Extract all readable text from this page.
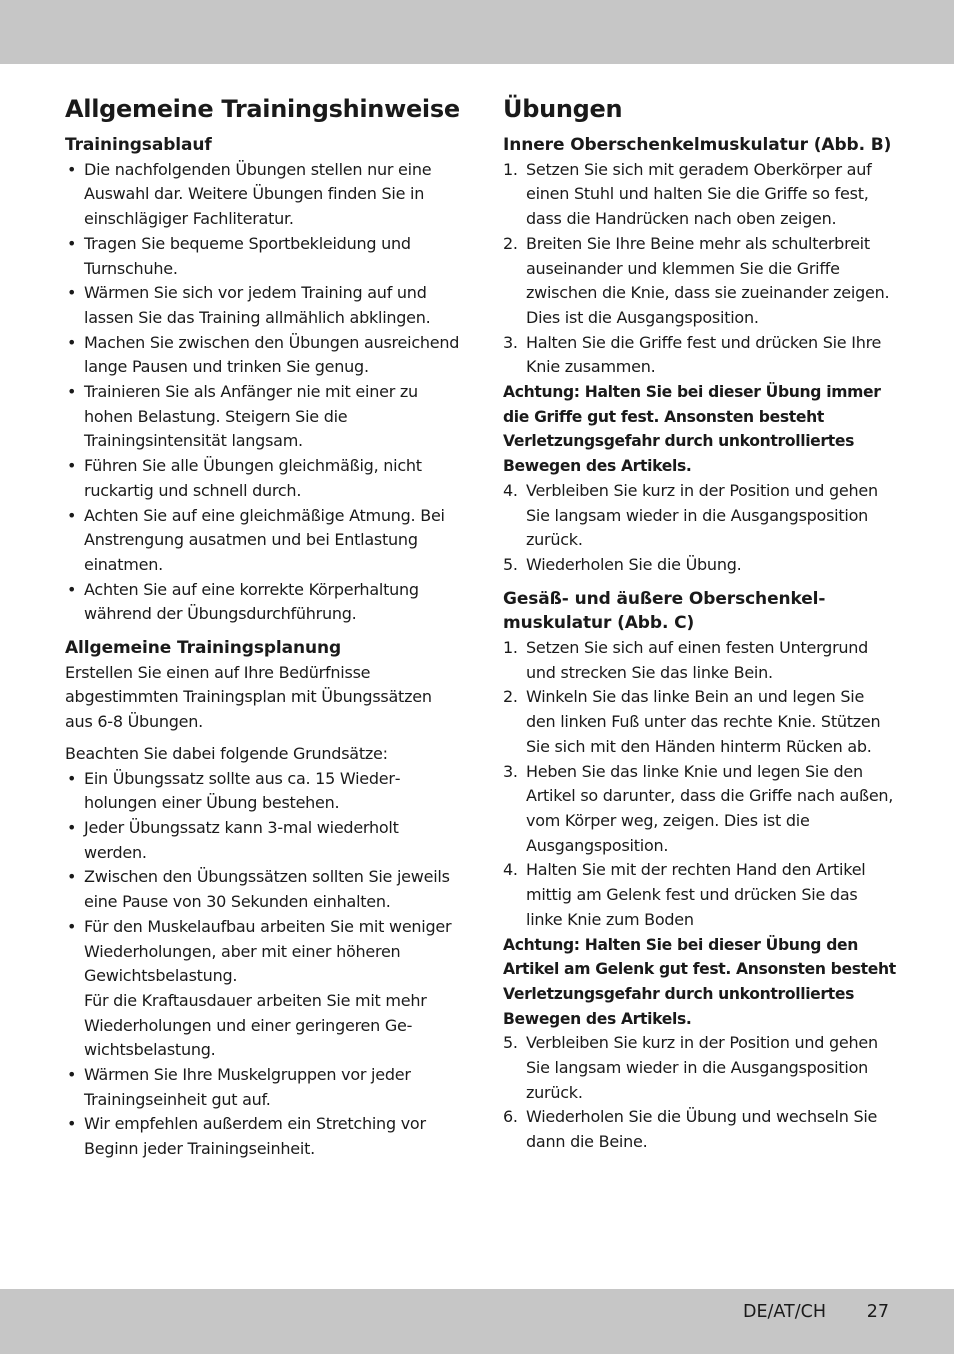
Allgemeine Trainingshinweise
Trainingsablauf
• Die nachfolgenden Übungen stellen nur eine Auswahl dar. Weitere Übungen finden Sie in einschlägiger Fachliteratur.
• Tragen Sie bequeme Sportbekleidung und Turnschuhe.
• Wärmen Sie sich vor jedem Training auf und lassen Sie das Training allmählich abklingen.
• Machen Sie zwischen den Übungen ausreichend lange Pausen und trinken Sie genug.
• Trainieren Sie als Anfänger nie mit einer zu hohen Belastung. Steigern Sie die Trainingsintensität langsam.
• Führen Sie alle Übungen gleichmäßig, nicht ruckartig und schnell durch.
• Achten Sie auf eine gleichmäßige Atmung. Bei Anstrengung ausatmen und bei Entlastung einatmen.
• Achten Sie auf eine korrekte Körperhaltung während der Übungsdurchführung.
Allgemeine Trainingsplanung

Erstellen Sie einen auf Ihre Bedürfnisse abgestimmten Trainingsplan mit Übungssätzen aus 6-8 Übungen.

Beachten Sie dabei folgende Grundsätze:

• Ein Übungssatz sollte aus ca. 15 Wiederholungen einer Übung bestehen.
• Jeder Übungssatz kann 3-mal wiederholt werden.
• Zwischen den Übungssätzen sollten Sie jeweils eine Pause von 30 Sekunden einhalten.
• Für den Muskelaufbau arbeiten Sie mit weniger Wiederholungen, aber mit einer höheren Gewichtsbelastung.
Für die Kraftausdauer arbeiten Sie mit mehr Wiederholungen und einer geringeren Gewichtsbelastung.
• Wärmen Sie Ihre Muskelgruppen vor jeder Trainingseinheit gut auf.
• Wir empfehlen außerdem ein Stretching vor Beginn jeder Trainingseinheit.
Übungen
Innere Oberschenkelmuskulatur (Abb. B)
1. Setzen Sie sich mit geradem Oberkörper auf einen Stuhl und halten Sie die Griffe so fest, dass die Handrücken nach oben zeigen.
2. Breiten Sie Ihre Beine mehr als schulterbreit auseinander und klemmen Sie die Griffe zwischen die Knie, dass sie zueinander zeigen. Dies ist die Ausgangsposition.
3. Halten Sie die Griffe fest und drücken Sie Ihre Knie zusammen.

Achtung: Halten Sie bei dieser Übung immer die Griffe gut fest. Ansonsten besteht Verletzungsgefahr durch unkontrolliertes Bewegen des Artikels.

4. Verbleiben Sie kurz in der Position und gehen Sie langsam wieder in die Ausgangsposition zurück.
5. Wiederholen Sie die Übung.
Gesäß- und äußere Oberschenkelmuskulatur (Abb. C)
1. Setzen Sie sich auf einen festen Untergrund und strecken Sie das linke Bein.
2. Winkeln Sie das linke Bein an und legen Sie den linken Fuß unter das rechte Knie. Stützen Sie sich mit den Händen hinterm Rücken ab.
3. Heben Sie das linke Knie und legen Sie den Artikel so darunter, dass die Griffe nach außen, vom Körper weg, zeigen. Dies ist die Ausgangsposition.
4. Halten Sie mit der rechten Hand den Artikel mittig am Gelenk fest und drücken Sie das linke Knie zum Boden

Achtung: Halten Sie bei dieser Übung den Artikel am Gelenk gut fest. Ansonsten besteht Verletzungsgefahr durch unkontrolliertes Bewegen des Artikels.

5. Verbleiben Sie kurz in der Position und gehen Sie langsam wieder in die Ausgangsposition zurück.
6. Wiederholen Sie die Übung und wechseln Sie dann die Beine.
DE/AT/CH 27
